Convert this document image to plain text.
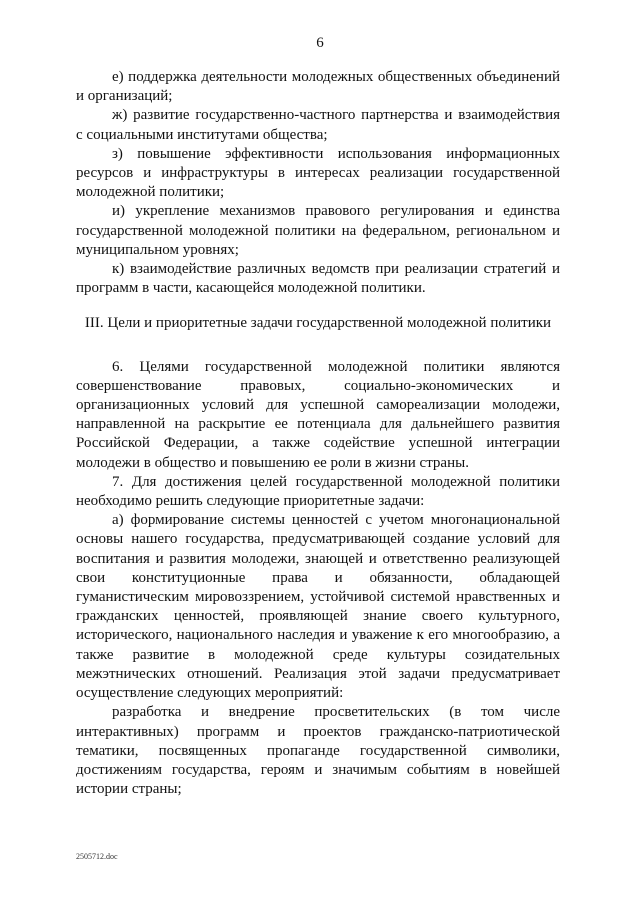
6

е) поддержка деятельности молодежных общественных объединений и организаций;

ж) развитие государственно-частного партнерства и взаимодействия с социальными институтами общества;

з) повышение эффективности использования информационных ресурсов и инфраструктуры в интересах реализации государственной молодежной политики;

и) укрепление механизмов правового регулирования и единства государственной молодежной политики на федеральном, региональном и муниципальном уровнях;

к) взаимодействие различных ведомств при реализации стратегий и программ в части, касающейся молодежной политики.

III. Цели и приоритетные задачи государственной молодежной политики

6. Целями государственной молодежной политики являются совершенствование правовых, социально-экономических и организационных условий для успешной самореализации молодежи, направленной на раскрытие ее потенциала для дальнейшего развития Российской Федерации, а также содействие успешной интеграции молодежи в общество и повышению ее роли в жизни страны.

7. Для достижения целей государственной молодежной политики необходимо решить следующие приоритетные задачи:

а) формирование системы ценностей с учетом многонациональной основы нашего государства, предусматривающей создание условий для воспитания и развития молодежи, знающей и ответственно реализующей свои конституционные права и обязанности, обладающей гуманистическим мировоззрением, устойчивой системой нравственных и гражданских ценностей, проявляющей знание своего культурного, исторического, национального наследия и уважение к его многообразию, а также развитие в молодежной среде культуры созидательных межэтнических отношений. Реализация этой задачи предусматривает осуществление следующих мероприятий:

разработка и внедрение просветительских (в том числе интерактивных) программ и проектов гражданско-патриотической тематики, посвященных пропаганде государственной символики, достижениям государства, героям и значимым событиям в новейшей истории страны;

2505712.doc
